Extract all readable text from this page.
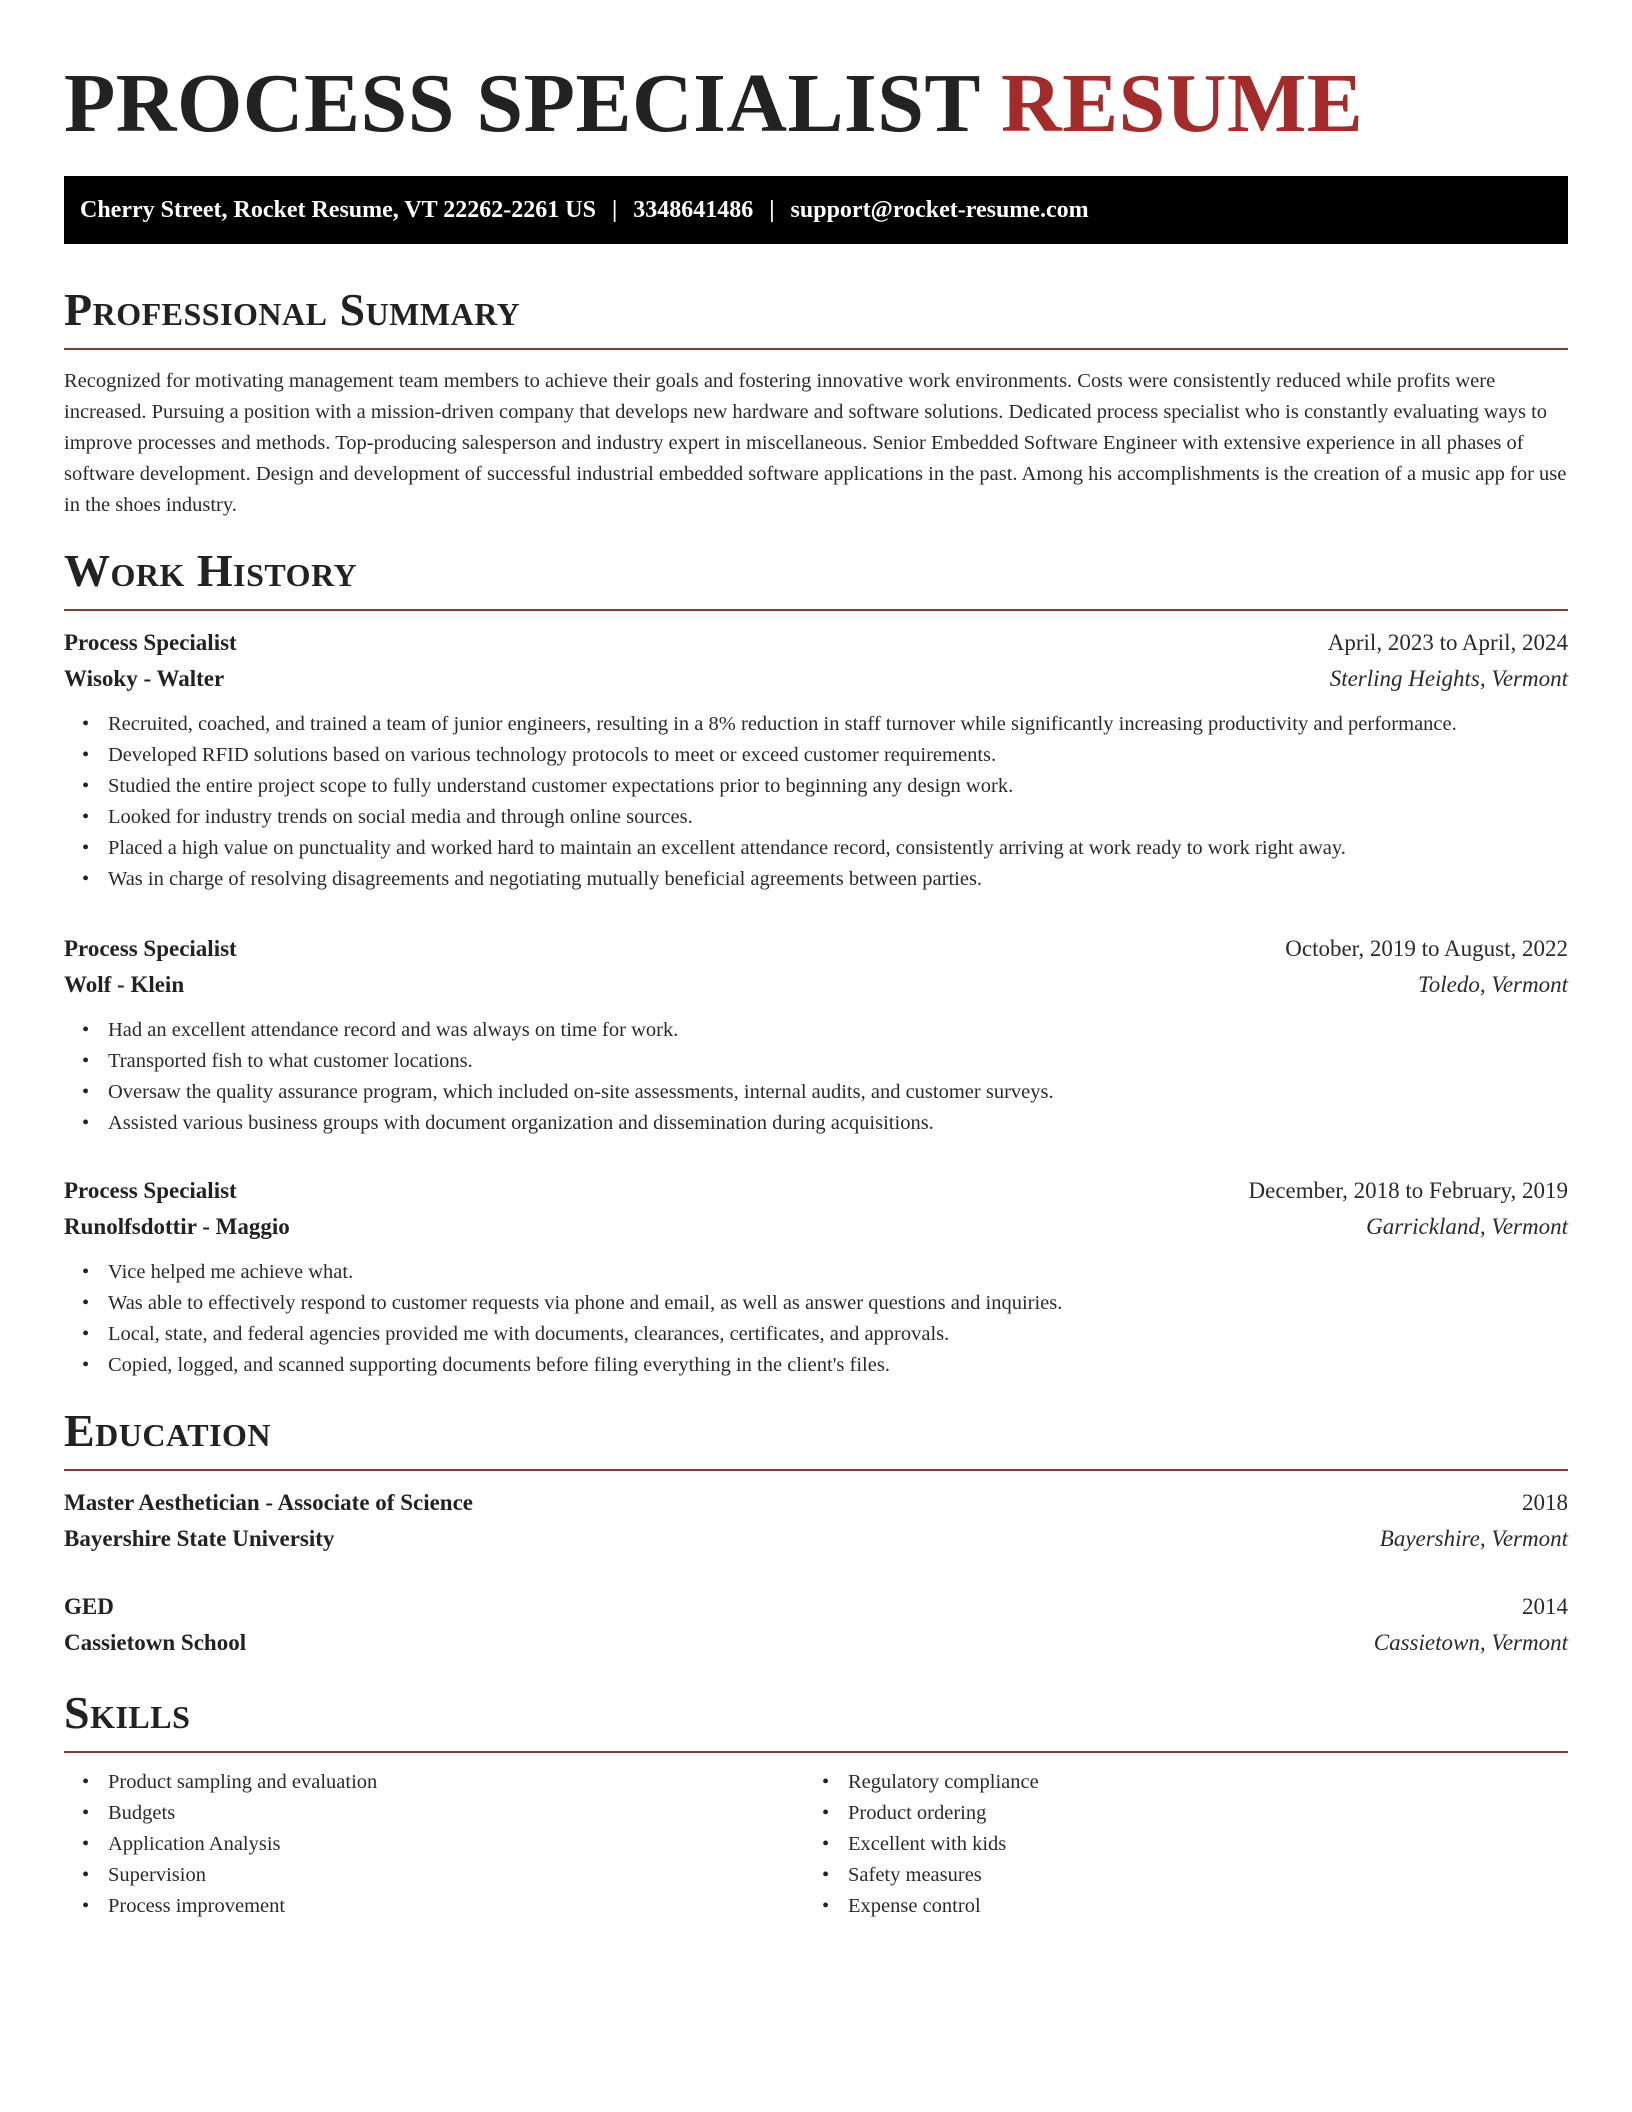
PROCESS SPECIALIST RESUME
Cherry Street, Rocket Resume, VT 22262-2261 US | 3348641486 | support@rocket-resume.com
Professional Summary

Recognized for motivating management team members to achieve their goals and fostering innovative work environments. Costs were consistently reduced while profits were increased. Pursuing a position with a mission-driven company that develops new hardware and software solutions. Dedicated process specialist who is constantly evaluating ways to improve processes and methods. Top-producing salesperson and industry expert in miscellaneous. Senior Embedded Software Engineer with extensive experience in all phases of software development. Design and development of successful industrial embedded software applications in the past. Among his accomplishments is the creation of a music app for use in the shoes industry.

Work History
Process Specialist	April, 2023 to April, 2024
Wisoky - Walter	Sterling Heights, Vermont
• Recruited, coached, and trained a team of junior engineers, resulting in a 8% reduction in staff turnover while significantly increasing productivity and performance.
• Developed RFID solutions based on various technology protocols to meet or exceed customer requirements.
• Studied the entire project scope to fully understand customer expectations prior to beginning any design work.
• Looked for industry trends on social media and through online sources.
• Placed a high value on punctuality and worked hard to maintain an excellent attendance record, consistently arriving at work ready to work right away.
• Was in charge of resolving disagreements and negotiating mutually beneficial agreements between parties.
Process Specialist	October, 2019 to August, 2022
Wolf - Klein	Toledo, Vermont
• Had an excellent attendance record and was always on time for work.
• Transported fish to what customer locations.
• Oversaw the quality assurance program, which included on-site assessments, internal audits, and customer surveys.
• Assisted various business groups with document organization and dissemination during acquisitions.
Process Specialist	December, 2018 to February, 2019
Runolfsdottir - Maggio	Garrickland, Vermont
• Vice helped me achieve what.
• Was able to effectively respond to customer requests via phone and email, as well as answer questions and inquiries.
• Local, state, and federal agencies provided me with documents, clearances, certificates, and approvals.
• Copied, logged, and scanned supporting documents before filing everything in the client's files.
Education
Master Aesthetician - Associate of Science	2018
Bayershire State University	Bayershire, Vermont
GED	2014
Cassietown School	Cassietown, Vermont
Skills
• Product sampling and evaluation
• Budgets
• Application Analysis
• Supervision
• Process improvement
• Regulatory compliance
• Product ordering
• Excellent with kids
• Safety measures
• Expense control
